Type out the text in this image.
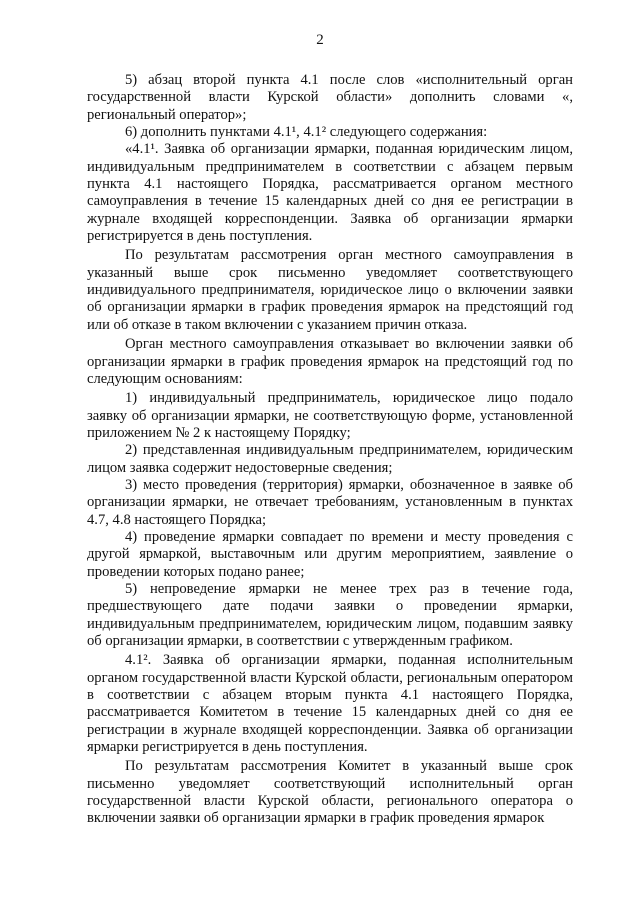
2

5) абзац второй пункта 4.1 после слов «исполнительный орган государственной власти Курской области» дополнить словами «, региональный оператор»;

6) дополнить пунктами 4.1¹, 4.1² следующего содержания:

«4.1¹. Заявка об организации ярмарки, поданная юридическим лицом, индивидуальным предпринимателем в соответствии с абзацем первым пункта 4.1 настоящего Порядка, рассматривается органом местного самоуправления в течение 15 календарных дней со дня ее регистрации в журнале входящей корреспонденции. Заявка об организации ярмарки регистрируется в день поступления.

По результатам рассмотрения орган местного самоуправления в указанный выше срок письменно уведомляет соответствующего индивидуального предпринимателя, юридическое лицо о включении заявки об организации ярмарки в график проведения ярмарок на предстоящий год или об отказе в таком включении с указанием причин отказа.

Орган местного самоуправления отказывает во включении заявки об организации ярмарки в график проведения ярмарок на предстоящий год по следующим основаниям:

1) индивидуальный предприниматель, юридическое лицо подало заявку об организации ярмарки, не соответствующую форме, установленной приложением № 2 к настоящему Порядку;

2) представленная индивидуальным предпринимателем, юридическим лицом заявка содержит недостоверные сведения;

3) место проведения (территория) ярмарки, обозначенное в заявке об организации ярмарки, не отвечает требованиям, установленным в пунктах 4.7, 4.8 настоящего Порядка;

4) проведение ярмарки совпадает по времени и месту проведения с другой ярмаркой, выставочным или другим мероприятием, заявление о проведении которых подано ранее;

5) непроведение ярмарки не менее трех раз в течение года, предшествующего дате подачи заявки о проведении ярмарки, индивидуальным предпринимателем, юридическим лицом, подавшим заявку об организации ярмарки, в соответствии с утвержденным графиком.

4.1². Заявка об организации ярмарки, поданная исполнительным органом государственной власти Курской области, региональным оператором в соответствии с абзацем вторым пункта 4.1 настоящего Порядка, рассматривается Комитетом в течение 15 календарных дней со дня ее регистрации в журнале входящей корреспонденции. Заявка об организации ярмарки регистрируется в день поступления.

По результатам рассмотрения Комитет в указанный выше срок письменно уведомляет соответствующий исполнительный орган государственной власти Курской области, регионального оператора о включении заявки об организации ярмарки в график проведения ярмарок
